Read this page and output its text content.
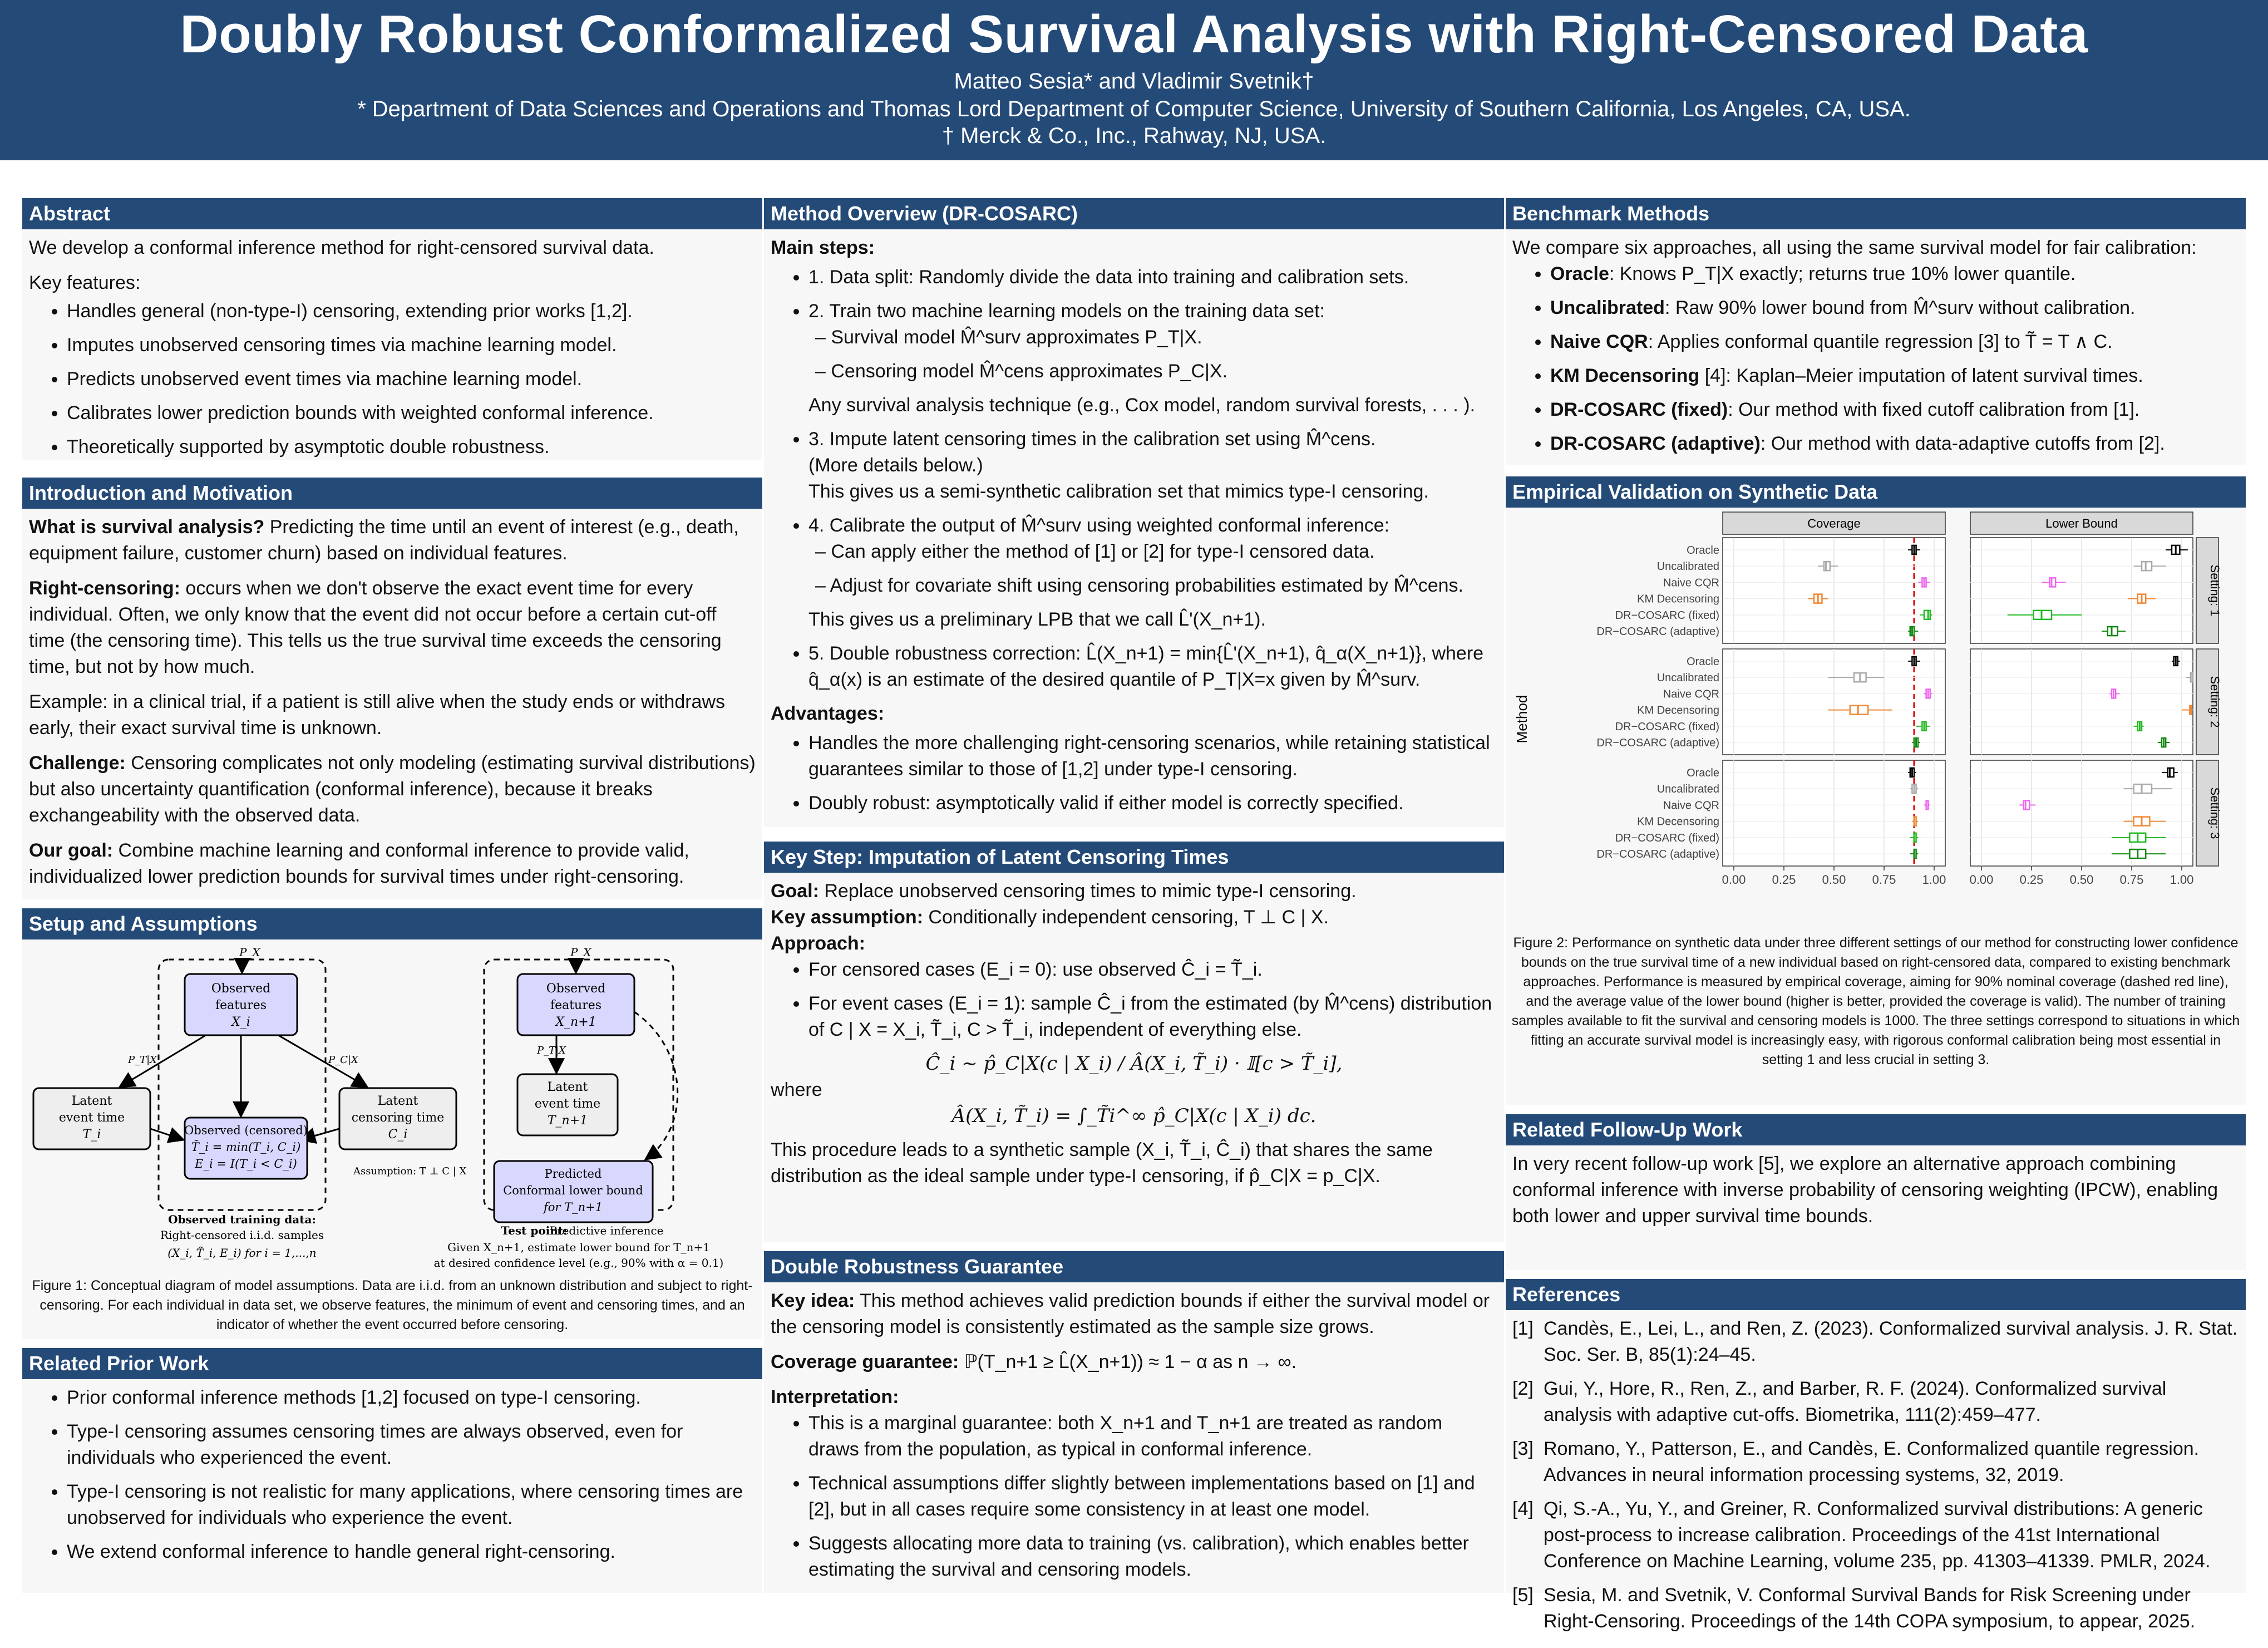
Doubly Robust Conformalized Survival Analysis with Right-Censored Data
Matteo Sesia* and Vladimir Svetnik†
* Department of Data Sciences and Operations and Thomas Lord Department of Computer Science, University of Southern California, Los Angeles, CA, USA.
† Merck & Co., Inc., Rahway, NJ, USA.
Abstract

We develop a conformal inference method for right-censored survival data.

Key features:

• Handles general (non-type-I) censoring, extending prior works [1,2].
• Imputes unobserved censoring times via machine learning model.
• Predicts unobserved event times via machine learning model.
• Calibrates lower prediction bounds with weighted conformal inference.
• Theoretically supported by asymptotic double robustness.
Introduction and Motivation

What is survival analysis? Predicting the time until an event of interest (e.g., death, equipment failure, customer churn) based on individual features.

Right-censoring: occurs when we don't observe the exact event time for every individual. Often, we only know that the event did not occur before a certain cut-off time (the censoring time). This tells us the true survival time exceeds the censoring time, but not by how much.

Example: in a clinical trial, if a patient is still alive when the study ends or withdraws early, their exact survival time is unknown.

Challenge: Censoring complicates not only modeling (estimating survival distributions) but also uncertainty quantification (conformal inference), because it breaks exchangeability with the observed data.

Our goal: Combine machine learning and conformal inference to provide valid, individualized lower prediction bounds for survival times under right-censoring.

Setup and Assumptions
P_X
Observed
features
X_i
P_T|X	P_C|X
Latent
event time
T_i
Latent
censoring time
C_i
Observed (censored)
T̃_i = min(T_i, C_i)
E_i = I(T_i < C_i)
Assumption: T ⊥ C | X
Observed training data:
Right-censored i.i.d. samples
(X_i, T̃_i, E_i) for i = 1,...,n
P_X
Observed
features
X_n+1
P_T|X
Latent
event time
T_n+1
Predicted
Conformal lower bound
for T_n+1
Test point:
Predictive inference
Given X_n+1, estimate lower bound for T_n+1
at desired confidence level (e.g., 90% with α = 0.1)
Figure 1: Conceptual diagram of model assumptions. Data are i.i.d. from an unknown distribution and subject to right-censoring. For each individual in data set, we observe features, the minimum of event and censoring times, and an indicator of whether the event occurred before censoring.
Related Prior Work
• Prior conformal inference methods [1,2] focused on type-I censoring.
• Type-I censoring assumes censoring times are always observed, even for individuals who experienced the event.
• Type-I censoring is not realistic for many applications, where censoring times are unobserved for individuals who experience the event.
• We extend conformal inference to handle general right-censoring.
Method Overview (DR-COSARC)

Main steps:

• 1. Data split: Randomly divide the data into training and calibration sets.
• 2. Train two machine learning models on the training data set:
– Survival model M̂^surv approximates P_T|X.
– Censoring model M̂^cens approximates P_C|X.
Any survival analysis technique (e.g., Cox model, random survival forests, . . . ).
• 3. Impute latent censoring times in the calibration set using M̂^cens.
(More details below.)
This gives us a semi-synthetic calibration set that mimics type-I censoring.
• 4. Calibrate the output of M̂^surv using weighted conformal inference:
– Can apply either the method of [1] or [2] for type-I censored data.
– Adjust for covariate shift using censoring probabilities estimated by M̂^cens.
This gives us a preliminary LPB that we call L̂'(X_n+1).
• 5. Double robustness correction: L̂(X_n+1) = min{L̂'(X_n+1), q̂_α(X_n+1)}, where q̂_α(x) is an estimate of the desired quantile of P_T|X=x given by M̂^surv.

Advantages:

• Handles the more challenging right-censoring scenarios, while retaining statistical guarantees similar to those of [1,2] under type-I censoring.
• Doubly robust: asymptotically valid if either model is correctly specified.
Key Step: Imputation of Latent Censoring Times
Goal: Replace unobserved censoring times to mimic type-I censoring.
Key assumption: Conditionally independent censoring, T ⊥ C | X.
Approach:
• For censored cases (E_i = 0): use observed Ĉ_i = T̃_i.
• For event cases (E_i = 1): sample Ĉ_i from the estimated (by M̂^cens) distribution of C | X = X_i, T̃_i, C > T̃_i, independent of everything else.
Ĉ_i ~ p̂_C|X(c | X_i) / Â(X_i, T̃_i) · 𝕀[c > T̃_i],
where
Â(X_i, T̃_i) = ∫_T̃i^∞ p̂_C|X(c | X_i) dc.
This procedure leads to a synthetic sample (X_i, T̃_i, Ĉ_i) that shares the same distribution as the ideal sample under type-I censoring, if p̂_C|X = p_C|X.
Double Robustness Guarantee

Key idea: This method achieves valid prediction bounds if either the survival model or the censoring model is consistently estimated as the sample size grows.

Coverage guarantee: ℙ(T_n+1 ≥ L̂(X_n+1)) ≈ 1 − α as n → ∞.

Interpretation:
• This is a marginal guarantee: both X_n+1 and T_n+1 are treated as random draws from the population, as typical in conformal inference.
• Technical assumptions differ slightly between implementations based on [1] and [2], but in all cases require some consistency in at least one model.
• Suggests allocating more data to training (vs. calibration), which enables better estimating the survival and censoring models.
Benchmark Methods
We compare six approaches, all using the same survival model for fair calibration:
• Oracle: Knows P_T|X exactly; returns true 10% lower quantile.
• Uncalibrated: Raw 90% lower bound from M̂^surv without calibration.
• Naive CQR: Applies conformal quantile regression [3] to T̃ = T ∧ C.
• KM Decensoring [4]: Kaplan–Meier imputation of latent survival times.
• DR-COSARC (fixed): Our method with fixed cutoff calibration from [1].
• DR-COSARC (adaptive): Our method with data-adaptive cutoffs from [2].
Empirical Validation on Synthetic Data
Coverage	Lower Bound
Setting: 1
Oracle
Uncalibrated
Naive CQR
KM Decensoring
DR−COSARC (fixed)
DR−COSARC (adaptive)
Setting: 2
Oracle
Uncalibrated
Naive CQR
KM Decensoring
DR−COSARC (fixed)
DR−COSARC (adaptive)
Setting: 3
Oracle
Uncalibrated
Naive CQR
KM Decensoring
DR−COSARC (fixed)
DR−COSARC (adaptive)
0.00 0.25 0.50 0.75 1.00 0.00 0.25 0.50 0.75 1.00
Method
Figure 2: Performance on synthetic data under three different settings of our method for constructing lower confidence bounds on the true survival time of a new individual based on right-censored data, compared to existing benchmark approaches. Performance is measured by empirical coverage, aiming for 90% nominal coverage (dashed red line), and the average value of the lower bound (higher is better, provided the coverage is valid). The number of training samples available to fit the survival and censoring models is 1000. The three settings correspond to situations in which fitting an accurate survival model is increasingly easy, with rigorous conformal calibration being most essential in setting 1 and less crucial in setting 3.
Related Follow-Up Work
In very recent follow-up work [5], we explore an alternative approach combining conformal inference with inverse probability of censoring weighting (IPCW), enabling both lower and upper survival time bounds.
References
[1] Candès, E., Lei, L., and Ren, Z. (2023). Conformalized survival analysis. J. R. Stat. Soc. Ser. B, 85(1):24–45.
[2] Gui, Y., Hore, R., Ren, Z., and Barber, R. F. (2024). Conformalized survival analysis with adaptive cut-offs. Biometrika, 111(2):459–477.
[3] Romano, Y., Patterson, E., and Candès, E. Conformalized quantile regression. Advances in neural information processing systems, 32, 2019.
[4] Qi, S.-A., Yu, Y., and Greiner, R. Conformalized survival distributions: A generic post-process to increase calibration. Proceedings of the 41st International Conference on Machine Learning, volume 235, pp. 41303–41339. PMLR, 2024.
[5] Sesia, M. and Svetnik, V. Conformal Survival Bands for Risk Screening under Right-Censoring. Proceedings of the 14th COPA symposium, to appear, 2025.
